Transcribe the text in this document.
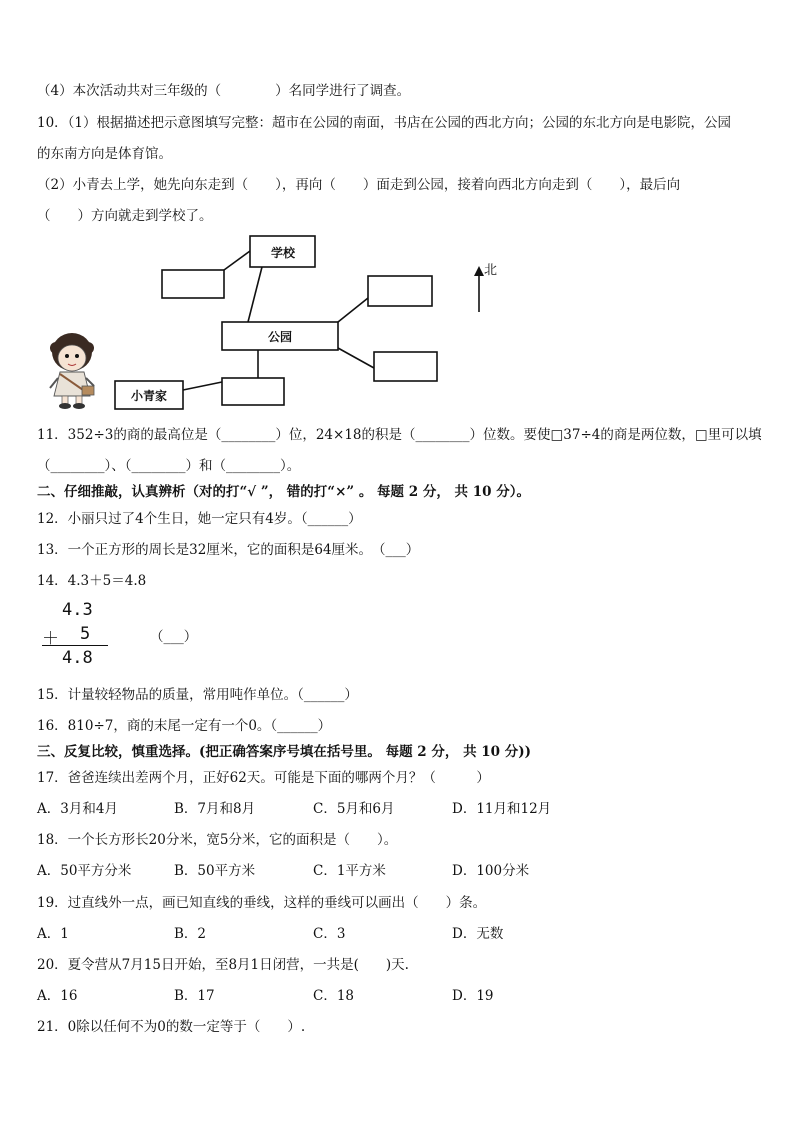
（4）本次活动共对三年级的（　　　　）名同学进行了调查。
10．（1）根据描述把示意图填写完整：超市在公园的南面，书店在公园的西北方向；公园的东北方向是电影院，公园
的东南方向是体育馆。
（2）小青去上学，她先向东走到（　　），再向（　　）面走到公园，接着向西北方向走到（　　），最后向
（　　）方向就走到学校了。
学校
公园
小青家
北
11．352÷3的商的最高位是（________）位，24×18的积是（________）位数。要使□37÷4的商是两位数，□里可以填
（________）、（________）和（________）。
二、仔细推敲，认真辨析（对的打“√ ”， 错的打“×” 。 每题 2 分， 共 10 分）。
12．小丽只过了4个生日，她一定只有4岁。（______）
13．一个正方形的周长是32厘米，它的面积是64厘米。　（___）
14．4.3＋5＝4.8
4.3
＋ 5
4.8
（___）
15．计量较轻物品的质量，常用吨作单位。（______）
16．810÷7，商的末尾一定有一个0。（______）
三、反复比较，慎重选择。(把正确答案序号填在括号里。 每题 2 分， 共 10 分))
17．爸爸连续出差两个月，正好62天。可能是下面的哪两个月？（　　　）
A．3月和4月	B．7月和8月	C．5月和6月	D．11月和12月
18．一个长方形长20分米，宽5分米，它的面积是（　　）。
A．50平方分米	B．50平方米	C．1平方米	D．100分米
19．过直线外一点，画已知直线的垂线，这样的垂线可以画出（　　）条。
A．1	B．2	C．3	D．无数
20．夏令营从7月15日开始，至8月1日闭营，一共是(　　)天.
A．16	B．17	C．18	D．19
21．0除以任何不为0的数一定等于（　　）.
